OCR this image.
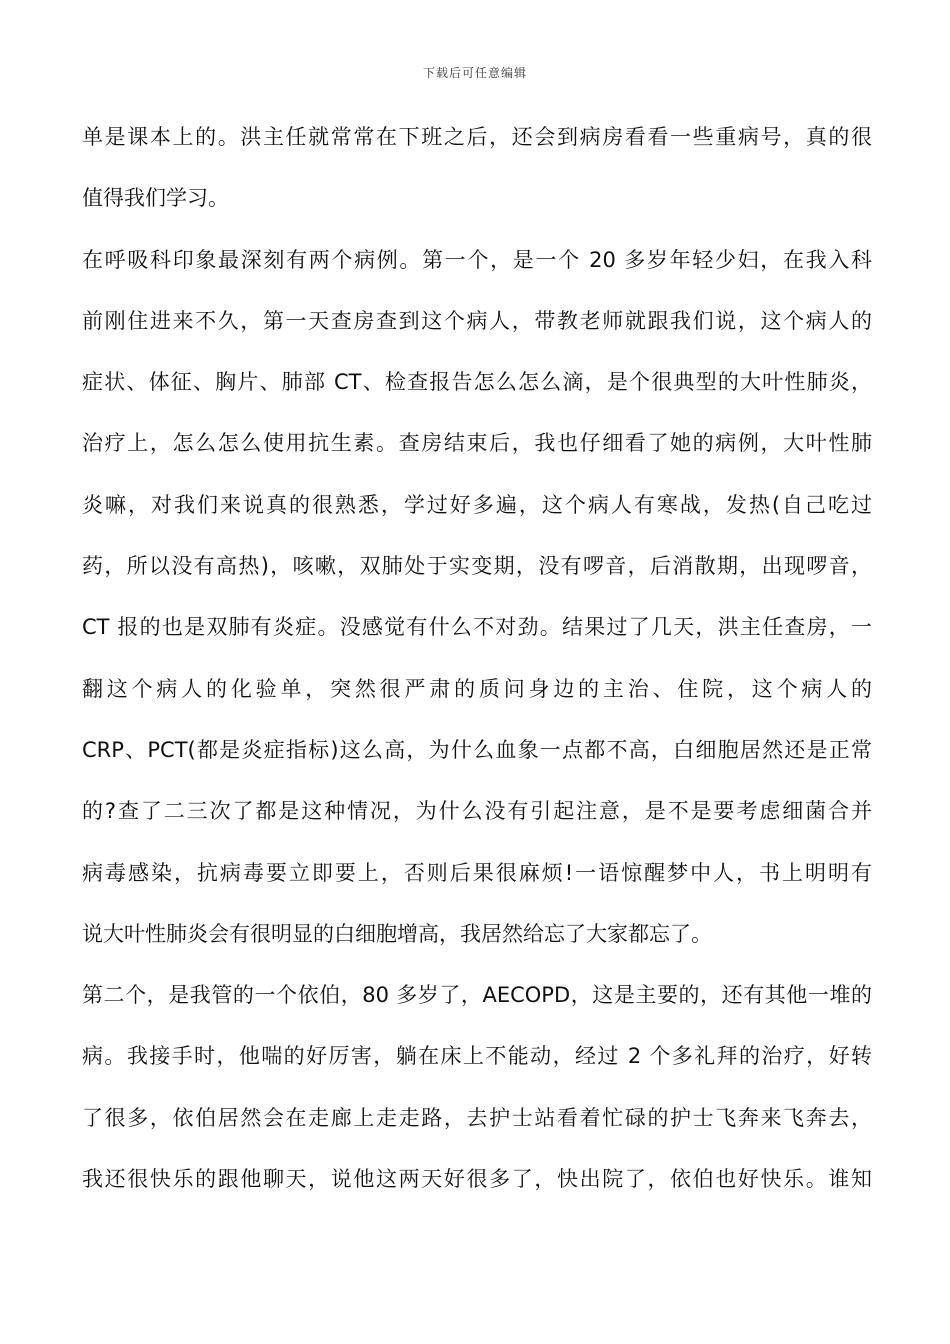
下载后可任意编辑
单是课本上的。洪主任就常常在下班之后，还会到病房看看一些重病号，真的很
值得我们学习。
在呼吸科印象最深刻有两个病例。第一个，是一个 20 多岁年轻少妇，在我入科
前刚住进来不久，第一天查房查到这个病人，带教老师就跟我们说，这个病人的
症状、体征、胸片、肺部 CT、检查报告怎么怎么滴，是个很典型的大叶性肺炎，
治疗上，怎么怎么使用抗生素。查房结束后，我也仔细看了她的病例，大叶性肺
炎嘛，对我们来说真的很熟悉，学过好多遍，这个病人有寒战，发热(自己吃过
药，所以没有高热)，咳嗽，双肺处于实变期，没有啰音，后消散期，出现啰音，
CT 报的也是双肺有炎症。没感觉有什么不对劲。结果过了几天，洪主任查房，一
翻这个病人的化验单，突然很严肃的质问身边的主治、住院，这个病人的
CRP、PCT(都是炎症指标)这么高，为什么血象一点都不高，白细胞居然还是正常
的?查了二三次了都是这种情况，为什么没有引起注意，是不是要考虑细菌合并
病毒感染，抗病毒要立即要上，否则后果很麻烦!一语惊醒梦中人，书上明明有
说大叶性肺炎会有很明显的白细胞增高，我居然给忘了大家都忘了。
第二个，是我管的一个依伯，80 多岁了，AECOPD，这是主要的，还有其他一堆的
病。我接手时，他喘的好厉害，躺在床上不能动，经过 2 个多礼拜的治疗，好转
了很多，依伯居然会在走廊上走走路，去护士站看着忙碌的护士飞奔来飞奔去，
我还很快乐的跟他聊天，说他这两天好很多了，快出院了，依伯也好快乐。谁知
